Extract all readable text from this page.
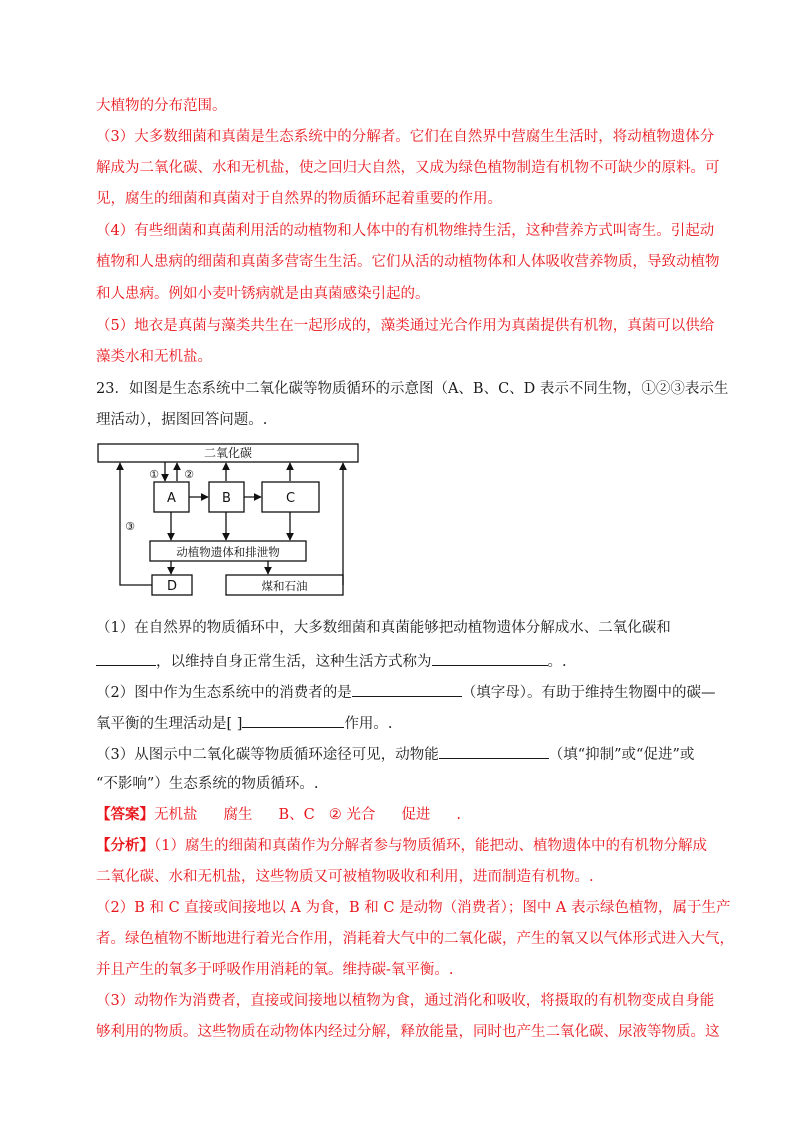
大植物的分布范围。
（3）大多数细菌和真菌是生态系统中的分解者。它们在自然界中营腐生生活时，将动植物遗体分
解成为二氧化碳、水和无机盐，使之回归大自然，又成为绿色植物制造有机物不可缺少的原料。可
见，腐生的细菌和真菌对于自然界的物质循环起着重要的作用。
（4）有些细菌和真菌利用活的动植物和人体中的有机物维持生活，这种营养方式叫寄生。引起动
植物和人患病的细菌和真菌多营寄生生活。它们从活的动植物体和人体吸收营养物质，导致动植物
和人患病。例如小麦叶锈病就是由真菌感染引起的。
（5）地衣是真菌与藻类共生在一起形成的，藻类通过光合作用为真菌提供有机物，真菌可以供给
藻类水和无机盐。
23．如图是生态系统中二氧化碳等物质循环的示意图（A、B、C、D 表示不同生物，①②③表示生
理活动），据图回答问题。.
二氧化碳
A	B	C
动植物遗体和排泄物
D	煤和石油
① ②
③
（1）在自然界的物质循环中，大多数细菌和真菌能够把动植物遗体分解成水、二氧化碳和
，以维持自身正常生活，这种生活方式称为	。.
（2）图中作为生态系统中的消费者的是	（填字母）。有助于维持生物圈中的碳—
氧平衡的生理活动是[ ]	作用。.
（3）从图示中二氧化碳等物质循环途径可见，动物能	（填“抑制”或“促进”或
“不影响”）生态系统的物质循环。.
【答案】无机盐 腐生 B、C ② 光合 促进 .
【分析】（1）腐生的细菌和真菌作为分解者参与物质循环，能把动、植物遗体中的有机物分解成
二氧化碳、水和无机盐，这些物质又可被植物吸收和利用，进而制造有机物。.
（2）B 和 C 直接或间接地以 A 为食，B 和 C 是动物（消费者）；图中 A 表示绿色植物，属于生产
者。绿色植物不断地进行着光合作用，消耗着大气中的二氧化碳，产生的氧又以气体形式进入大气，
并且产生的氧多于呼吸作用消耗的氧。维持碳-氧平衡。.
（3）动物作为消费者，直接或间接地以植物为食，通过消化和吸收，将摄取的有机物变成自身能
够利用的物质。这些物质在动物体内经过分解，释放能量，同时也产生二氧化碳、尿液等物质。这
